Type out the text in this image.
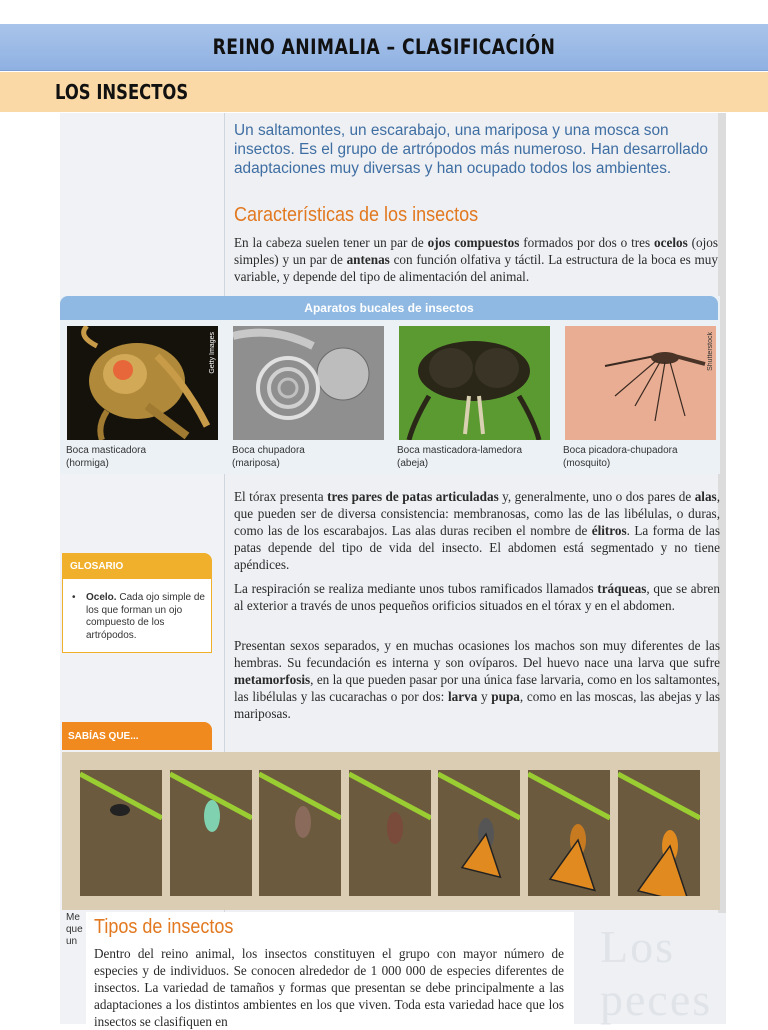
REINO ANIMALIA – CLASIFICACIÓN
LOS INSECTOS
Un saltamontes, un escarabajo, una mariposa y una mosca son insectos. Es el grupo de artrópodos más numeroso. Han desarrollado adaptaciones muy diversas y han ocupado todos los ambientes.
Características de los insectos
En la cabeza suelen tener un par de ojos compuestos formados por dos o tres ocelos (ojos simples) y un par de antenas con función olfativa y táctil. La estructura de la boca es muy variable, y depende del tipo de alimentación del animal.
Aparatos bucales de insectos
Getty Images	Shutterstock
Boca masticadora
(hormiga)
Boca chupadora
(mariposa)
Boca masticadora-lamedora
(abeja)
Boca picadora-chupadora
(mosquito)
El tórax presenta tres pares de patas articuladas y, generalmente, uno o dos pares de alas, que pueden ser de diversa consistencia: membranosas, como las de las libélulas, o duras, como las de los escarabajos. Las alas duras reciben el nombre de élitros. La forma de las patas depende del tipo de vida del insecto. El abdomen está segmentado y no tiene apéndices.
La respiración se realiza mediante unos tubos ramificados llamados tráqueas, que se abren al exterior a través de unos pequeños orificios situados en el tórax y en el abdomen.
Presentan sexos separados, y en muchas ocasiones los machos son muy diferentes de las hembras. Su fecundación es interna y son ovíparos. Del huevo nace una larva que sufre metamorfosis, en la que pueden pasar por una única fase larvaria, como en los saltamontes, las libélulas y las cucarachas o por dos: larva y pupa, como en las moscas, las abejas y las mariposas.
GLOSARIO
• Ocelo. Cada ojo simple de los que forman un ojo compuesto de los artrópodos.
SABÍAS QUE...
Me que un	Los peces
Tipos de insectos
Dentro del reino animal, los insectos constituyen el grupo con mayor número de especies y de individuos. Se conocen alrededor de 1 000 000 de especies diferentes de insectos. La variedad de tamaños y formas que presentan se debe principalmente a las adaptaciones a los distintos ambientes en los que viven. Toda esta variedad hace que los insectos se clasifiquen en
